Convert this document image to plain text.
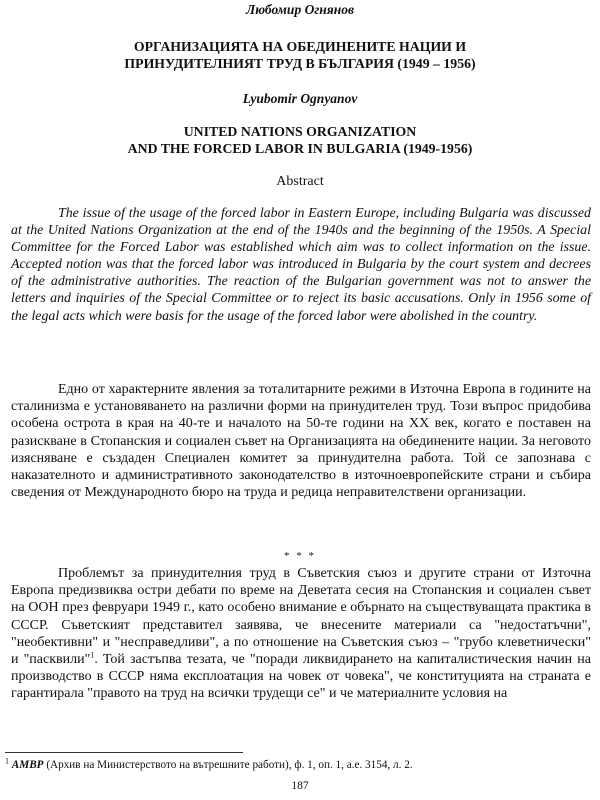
Любомир Огнянов
ОРГАНИЗАЦИЯТА НА ОБЕДИНЕНИТЕ НАЦИИ И
ПРИНУДИТЕЛНИЯТ ТРУД В БЪЛГАРИЯ (1949 – 1956)
Lyubomir Ognyanov
UNITED NATIONS ORGANIZATION
AND THE FORCED LABOR IN BULGARIA (1949-1956)
Abstract

The issue of the usage of the forced labor in Eastern Europe, including Bulgaria was discussed at the United Nations Organization at the end of the 1940s and the beginning of the 1950s. A Special Committee for the Forced Labor was established which aim was to collect information on the issue. Accepted notion was that the forced labor was introduced in Bulgaria by the court system and decrees of the administrative authorities. The reaction of the Bulgarian government was not to answer the letters and inquiries of the Special Committee or to reject its basic accusations. Only in 1956 some of the legal acts which were basis for the usage of the forced labor were abolished in the country.

Едно от характерните явления за тоталитарните режими в Източна Европа в годините на сталинизма е установяването на различни форми на принудителен труд. Този въпрос придобива особена острота в края на 40-те и началото на 50-те години на XX век, когато е поставен на разискване в Стопанския и социален съвет на Организацията на обединените нации. За неговото изясняване е създаден Специален комитет за принудителна работа. Той се запознава с наказателното и административното законодателство в източноевропейските страни и събира сведения от Международното бюро на труда и редица неправителствени организации.

* * *

Проблемът за принудителния труд в Съветския съюз и другите страни от Източна Европа предизвиква остри дебати по време на Деветата сесия на Стопанския и социален съвет на ООН през февруари 1949 г., като особено внимание е обърнато на съществуващата практика в СССР. Съветският представител заявява, че внесените материали са "недостатъчни", "необективни" и "несправедливи", а по отношение на Съветския съюз – "грубо клеветнически" и "пасквили"$^1$. Той застъпва тезата, че "поради ликвидирането на капиталистическия начин на производство в СССР няма експлоатация на човек от човека", че конституцията на страната е гарантирала "правото на труд на всички трудещи се" и че материалните условия на

$^1$ АМВР (Архив на Министерството на вътрешните работи), ф. 1, оп. 1, а.е. 3154, л. 2.
187
